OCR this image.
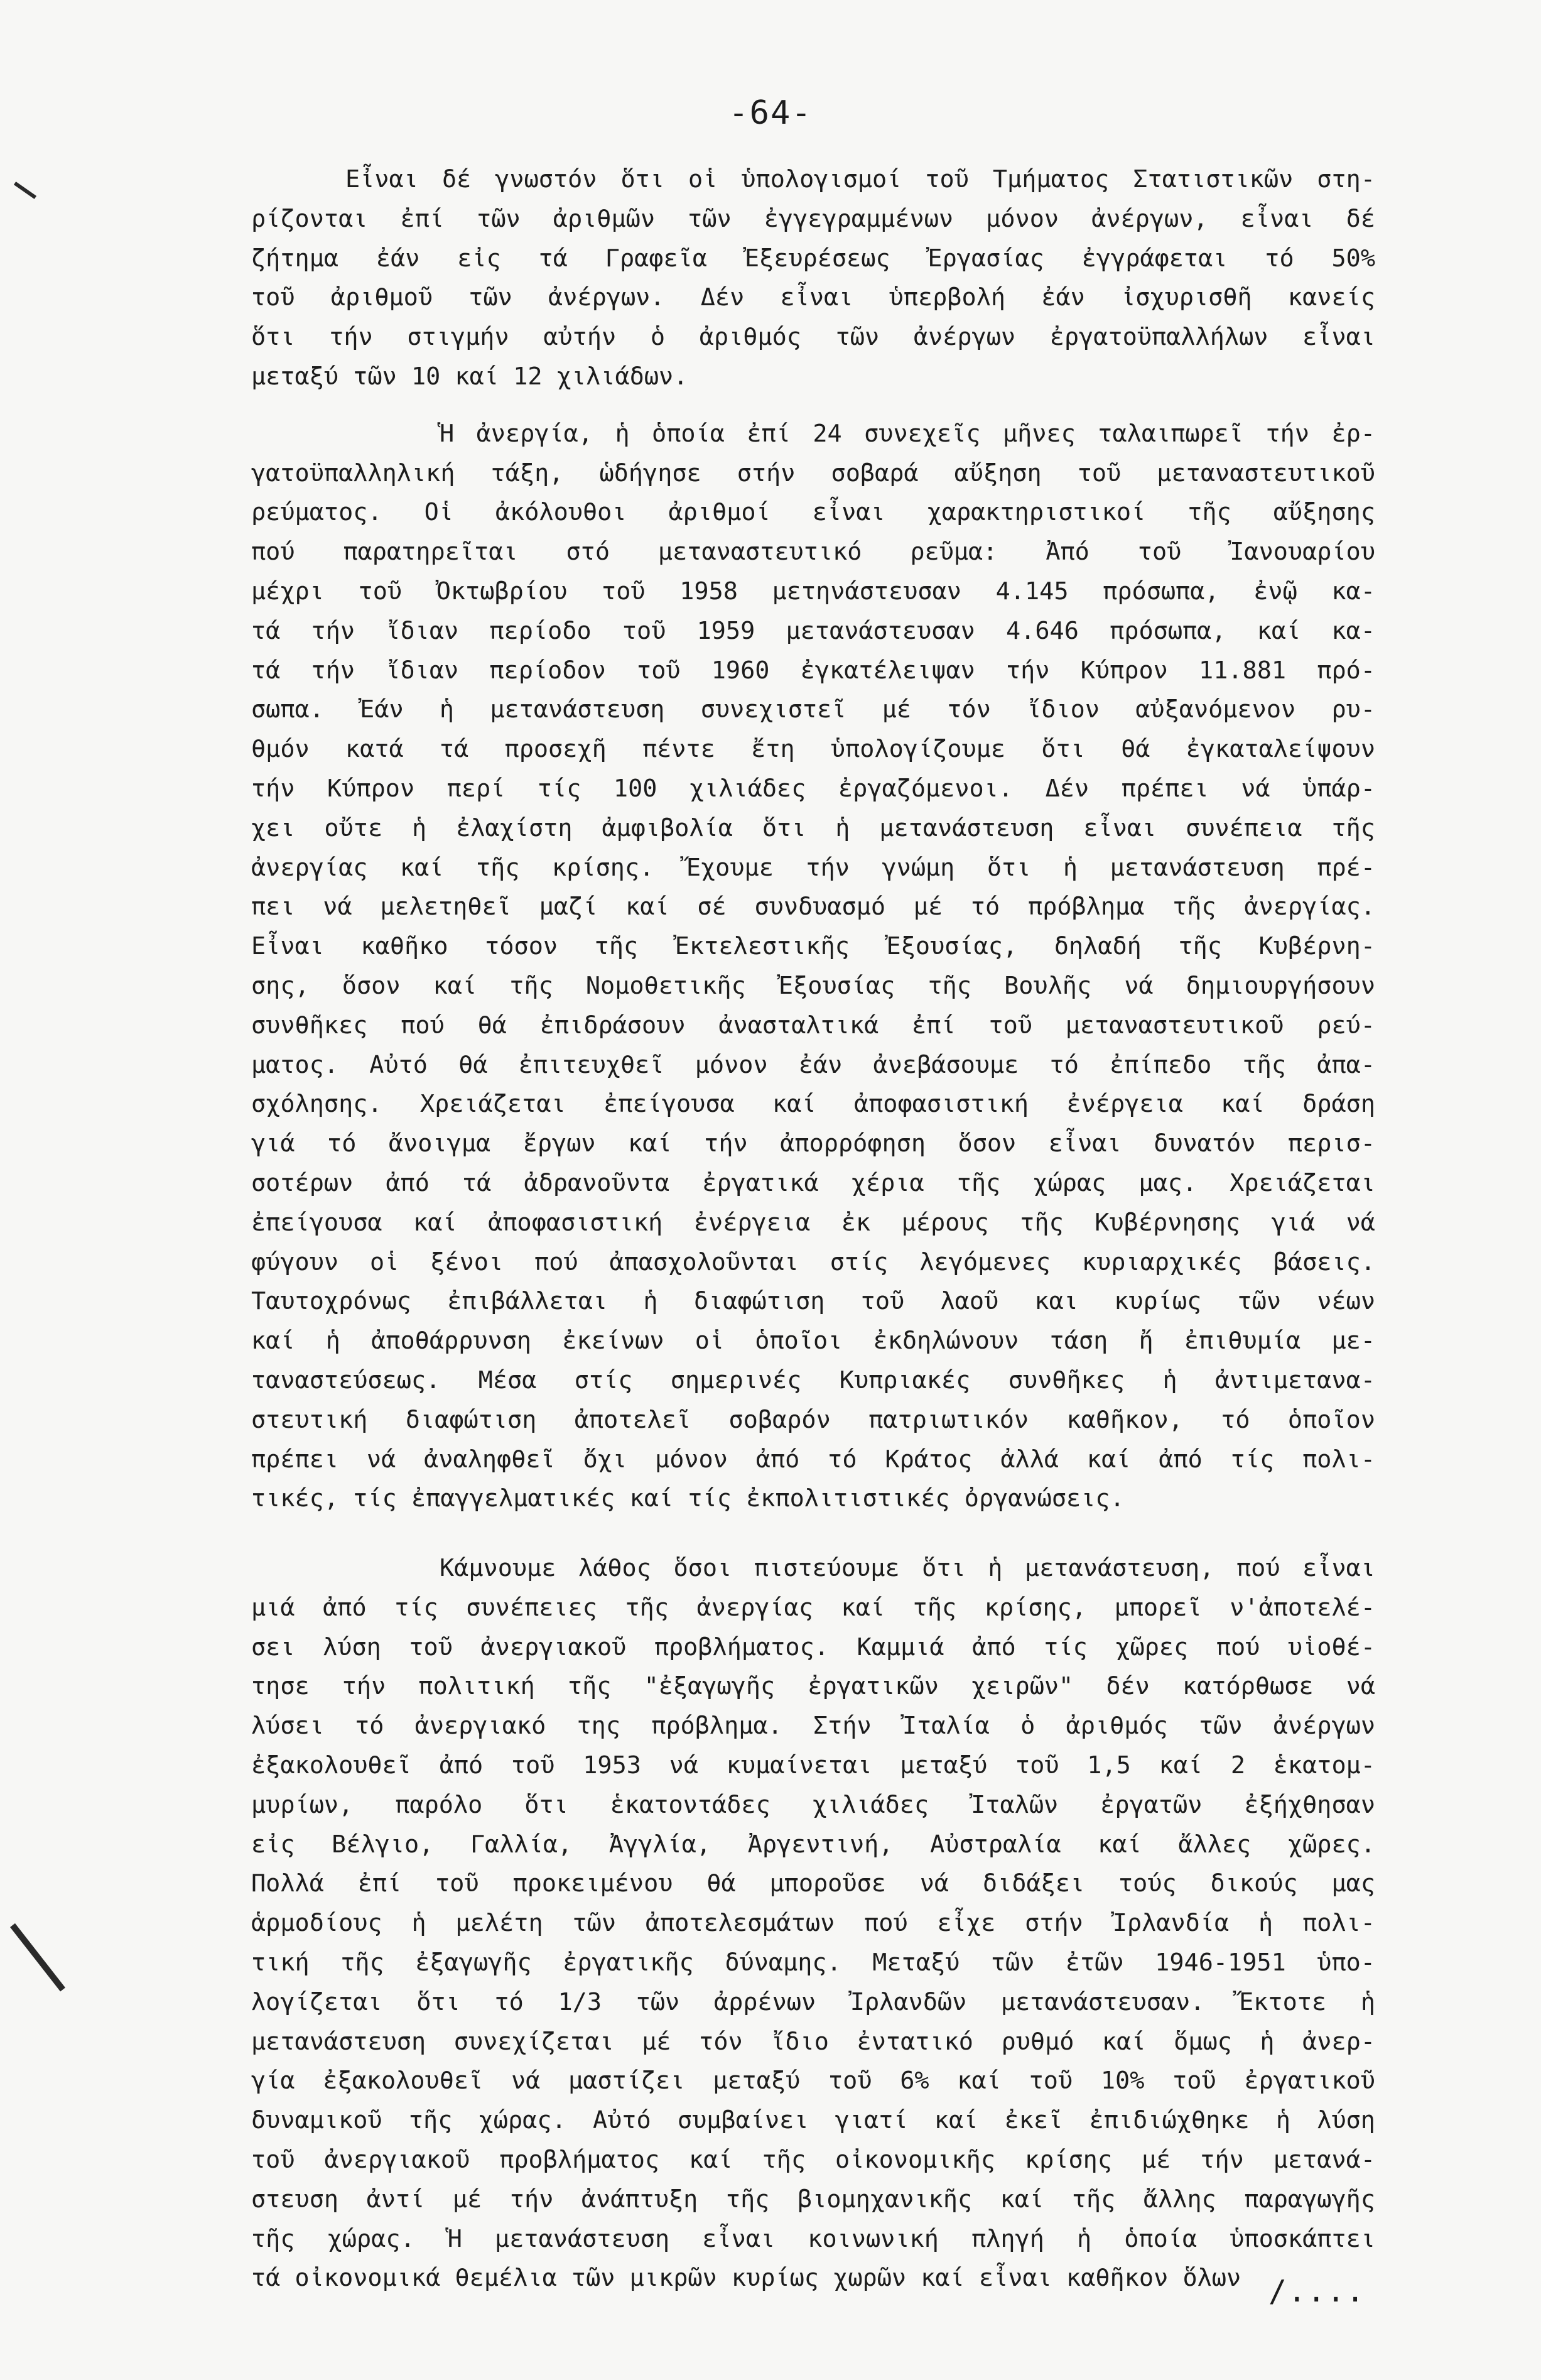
-64-
Εἶναι δέ γνωστόν ὅτι οἱ ὑπολογισμοί τοῦ Τμήματος Στατιστικῶν στη-
ρίζονται ἐπί τῶν ἀριθμῶν τῶν ἐγγεγραμμένων μόνον ἀνέργων, εἶναι δέ
ζήτημα ἐάν εἰς τά Γραφεῖα Ἐξευρέσεως Ἐργασίας ἐγγράφεται τό 50%
τοῦ ἀριθμοῦ τῶν ἀνέργων. Δέν εἶναι ὑπερβολή ἐάν ἰσχυρισθῆ κανείς
ὅτι τήν στιγμήν αὐτήν ὁ ἀριθμός τῶν ἀνέργων ἐργατοϋπαλλήλων εἶναι
μεταξύ τῶν 10 καί 12 χιλιάδων.
Ἡ ἀνεργία, ἡ ὁποία ἐπί 24 συνεχεῖς μῆνες ταλαιπωρεῖ τήν ἐρ-
γατοϋπαλληλική τάξη, ὡδήγησε στήν σοβαρά αὔξηση τοῦ μεταναστευτικοῦ
ρεύματος. Οἱ ἀκόλουθοι ἀριθμοί εἶναι χαρακτηριστικοί τῆς αὔξησης
πού παρατηρεῖται στό μεταναστευτικό ρεῦμα: Ἀπό τοῦ Ἰανουαρίου
μέχρι τοῦ Ὀκτωβρίου τοῦ 1958 μετηνάστευσαν 4.145 πρόσωπα, ἐνῷ κα-
τά τήν ἴδιαν περίοδο τοῦ 1959 μετανάστευσαν 4.646 πρόσωπα, καί κα-
τά τήν ἴδιαν περίοδον τοῦ 1960 ἐγκατέλειψαν τήν Κύπρον 11.881 πρό-
σωπα. Ἐάν ἡ μετανάστευση συνεχιστεῖ μέ τόν ἴδιον αὐξανόμενον ρυ-
θμόν κατά τά προσεχῆ πέντε ἔτη ὑπολογίζουμε ὅτι θά ἐγκαταλείψουν
τήν Κύπρον περί τίς 100 χιλιάδες ἐργαζόμενοι. Δέν πρέπει νά ὑπάρ-
χει οὔτε ἡ ἐλαχίστη ἀμφιβολία ὅτι ἡ μετανάστευση εἶναι συνέπεια τῆς
ἀνεργίας καί τῆς κρίσης. Ἔχουμε τήν γνώμη ὅτι ἡ μετανάστευση πρέ-
πει νά μελετηθεῖ μαζί καί σέ συνδυασμό μέ τό πρόβλημα τῆς ἀνεργίας.
Εἶναι καθῆκο τόσον τῆς Ἐκτελεστικῆς Ἐξουσίας, δηλαδή τῆς Κυβέρνη-
σης, ὅσον καί τῆς Νομοθετικῆς Ἐξουσίας τῆς Βουλῆς νά δημιουργήσουν
συνθῆκες πού θά ἐπιδράσουν ἀνασταλτικά ἐπί τοῦ μεταναστευτικοῦ ρεύ-
ματος. Αὐτό θά ἐπιτευχθεῖ μόνον ἐάν ἀνεβάσουμε τό ἐπίπεδο τῆς ἀπα-
σχόλησης. Χρειάζεται ἐπείγουσα καί ἀποφασιστική ἐνέργεια καί δράση
γιά τό ἄνοιγμα ἔργων καί τήν ἀπορρόφηση ὅσον εἶναι δυνατόν περισ-
σοτέρων ἀπό τά ἀδρανοῦντα ἐργατικά χέρια τῆς χώρας μας. Χρειάζεται
ἐπείγουσα καί ἀποφασιστική ἐνέργεια ἐκ μέρους τῆς Κυβέρνησης γιά νά
φύγουν οἱ ξένοι πού ἀπασχολοῦνται στίς λεγόμενες κυριαρχικές βάσεις.
Ταυτοχρόνως ἐπιβάλλεται ἡ διαφώτιση τοῦ λαοῦ και κυρίως τῶν νέων
καί ἡ ἀποθάρρυνση ἐκείνων οἱ ὁποῖοι ἐκδηλώνουν τάση ἤ ἐπιθυμία με-
ταναστεύσεως. Μέσα στίς σημερινές Κυπριακές συνθῆκες ἡ ἀντιμετανα-
στευτική διαφώτιση ἀποτελεῖ σοβαρόν πατριωτικόν καθῆκον, τό ὁποῖον
πρέπει νά ἀναληφθεῖ ὄχι μόνον ἀπό τό Κράτος ἀλλά καί ἀπό τίς πολι-
τικές, τίς ἐπαγγελματικές καί τίς ἐκπολιτιστικές ὀργανώσεις.
Κάμνουμε λάθος ὅσοι πιστεύουμε ὅτι ἡ μετανάστευση, πού εἶναι
μιά ἀπό τίς συνέπειες τῆς ἀνεργίας καί τῆς κρίσης, μπορεῖ ν'ἀποτελέ-
σει λύση τοῦ ἀνεργιακοῦ προβλήματος. Καμμιά ἀπό τίς χῶρες πού υἱοθέ-
τησε τήν πολιτική τῆς "ἐξαγωγῆς ἐργατικῶν χειρῶν" δέν κατόρθωσε νά
λύσει τό ἀνεργιακό της πρόβλημα. Στήν Ἰταλία ὁ ἀριθμός τῶν ἀνέργων
ἐξακολουθεῖ ἀπό τοῦ 1953 νά κυμαίνεται μεταξύ τοῦ 1,5 καί 2 ἑκατομ-
μυρίων, παρόλο ὅτι ἑκατοντάδες χιλιάδες Ἰταλῶν ἐργατῶν ἐξήχθησαν
εἰς Βέλγιο, Γαλλία, Ἀγγλία, Ἀργεντινή, Αὐστραλία καί ἄλλες χῶρες.
Πολλά ἐπί τοῦ προκειμένου θά μποροῦσε νά διδάξει τούς δικούς μας
ἁρμοδίους ἡ μελέτη τῶν ἀποτελεσμάτων πού εἶχε στήν Ἰρλανδία ἡ πολι-
τική τῆς ἐξαγωγῆς ἐργατικῆς δύναμης. Μεταξύ τῶν ἐτῶν 1946-1951 ὑπο-
λογίζεται ὅτι τό 1/3 τῶν ἀρρένων Ἰρλανδῶν μετανάστευσαν. Ἔκτοτε ἡ
μετανάστευση συνεχίζεται μέ τόν ἴδιο ἐντατικό ρυθμό καί ὅμως ἡ ἀνερ-
γία ἐξακολουθεῖ νά μαστίζει μεταξύ τοῦ 6% καί τοῦ 10% τοῦ ἐργατικοῦ
δυναμικοῦ τῆς χώρας. Αὐτό συμβαίνει γιατί καί ἐκεῖ ἐπιδιώχθηκε ἡ λύση
τοῦ ἀνεργιακοῦ προβλήματος καί τῆς οἰκονομικῆς κρίσης μέ τήν μετανά-
στευση ἀντί μέ τήν ἀνάπτυξη τῆς βιομηχανικῆς καί τῆς ἄλλης παραγωγῆς
τῆς χώρας. Ἡ μετανάστευση εἶναι κοινωνική πληγή ἡ ὁποία ὑποσκάπτει
τά οἰκονομικά θεμέλια τῶν μικρῶν κυρίως χωρῶν καί εἶναι καθῆκον ὅλων /....
